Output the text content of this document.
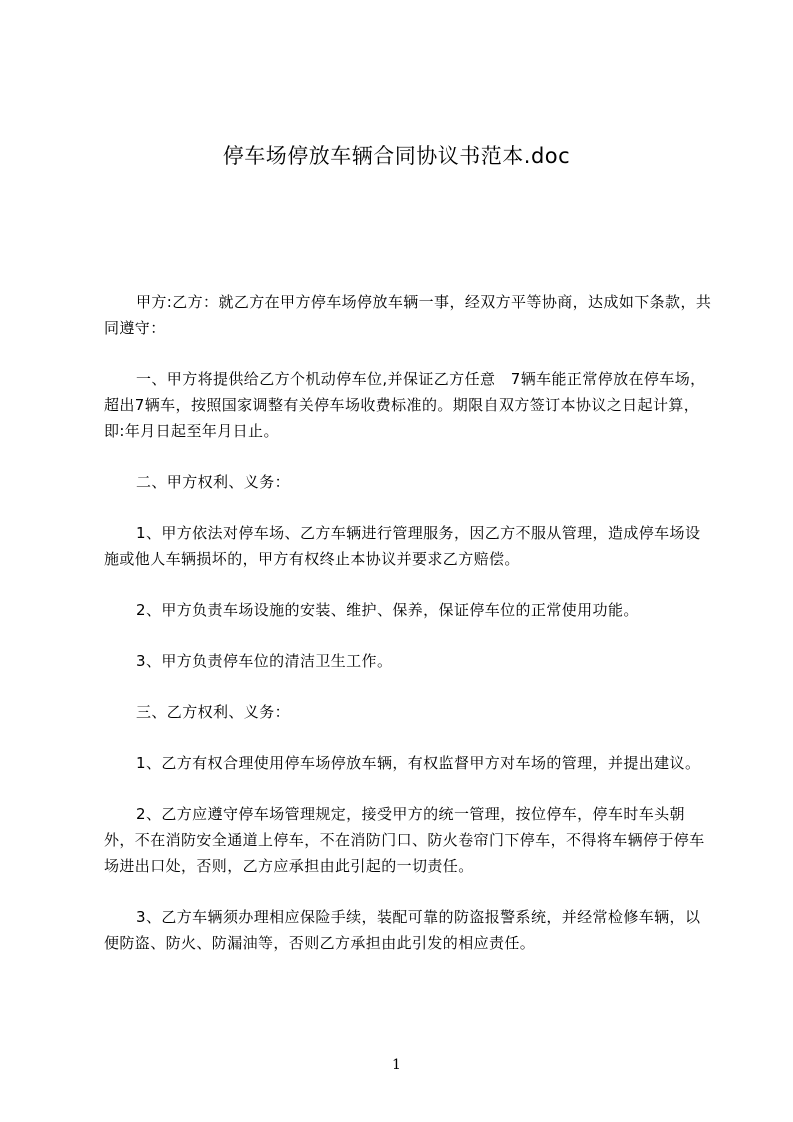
停车场停放车辆合同协议书范本.doc

甲方:乙方：就乙方在甲方停车场停放车辆一事，经双方平等协商，达成如下条款，共同遵守：

一、甲方将提供给乙方个机动停车位,并保证乙方任意　7辆车能正常停放在停车场，超出7辆车，按照国家调整有关停车场收费标准的。期限自双方签订本协议之日起计算，即:年月日起至年月日止。

二、甲方权利、义务：

1、甲方依法对停车场、乙方车辆进行管理服务，因乙方不服从管理，造成停车场设施或他人车辆损坏的，甲方有权终止本协议并要求乙方赔偿。

2、甲方负责车场设施的安装、维护、保养，保证停车位的正常使用功能。

3、甲方负责停车位的清洁卫生工作。

三、乙方权利、义务：

1、乙方有权合理使用停车场停放车辆，有权监督甲方对车场的管理，并提出建议。

2、乙方应遵守停车场管理规定，接受甲方的统一管理，按位停车，停车时车头朝外，不在消防安全通道上停车，不在消防门口、防火卷帘门下停车，不得将车辆停于停车场进出口处，否则，乙方应承担由此引起的一切责任。

3、乙方车辆须办理相应保险手续，装配可靠的防盗报警系统，并经常检修车辆，以便防盗、防火、防漏油等，否则乙方承担由此引发的相应责任。

1
